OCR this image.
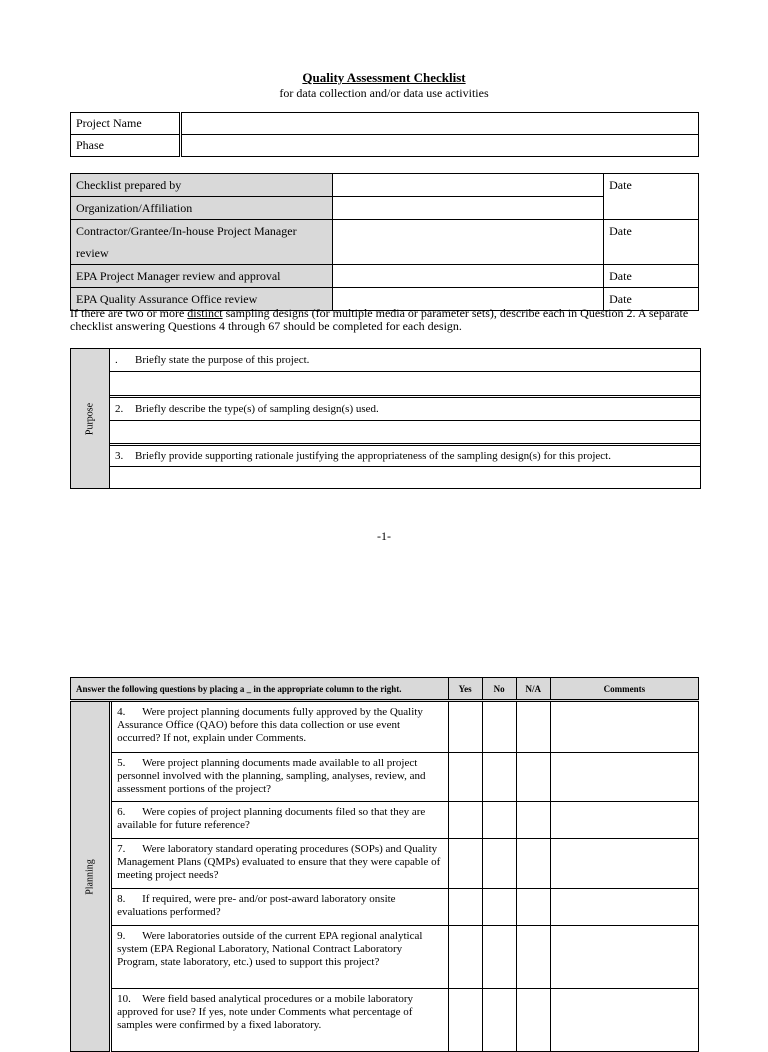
Quality Assessment Checklist
for data collection and/or data use activities
Project Name	
Phase	
Checklist prepared by		Date
Organization/Affiliation		
Contractor/Grantee/In-house Project Manager review		Date
EPA Project Manager review and approval		Date
EPA Quality Assurance Office review		Date
If there are two or more distinct sampling designs (for multiple media or parameter sets), describe each in Question 2. A separate checklist answering Questions 4 through 67 should be completed for each design.
Purpose
. Briefly state the purpose of this project.
2. Briefly describe the type(s) of sampling design(s) used.
3. Briefly provide supporting rationale justifying the appropriateness of the sampling design(s) for this project.
-1-
Answer the following questions by placing a _ in the appropriate column to the right.		Yes	No	N/A	Comments

Planning	4. Were project planning documents fully approved by the Quality Assurance Office (QAO) before this data collection or use event occurred? If not, explain under Comments.				
	5. Were project planning documents made available to all project personnel involved with the planning, sampling, analyses, review, and assessment portions of the project?				
	6. Were copies of project planning documents filed so that they are available for future reference?				
	7. Were laboratory standard operating procedures (SOPs) and Quality Management Plans (QMPs) evaluated to ensure that they were capable of meeting project needs?				
	8. If required, were pre- and/or post-award laboratory onsite evaluations performed?				
	9. Were laboratories outside of the current EPA regional analytical system (EPA Regional Laboratory, National Contract Laboratory Program, state laboratory, etc.) used to support this project?				
	10. Were field based analytical procedures or a mobile laboratory approved for use? If yes, note under Comments what percentage of samples were confirmed by a fixed laboratory.				
